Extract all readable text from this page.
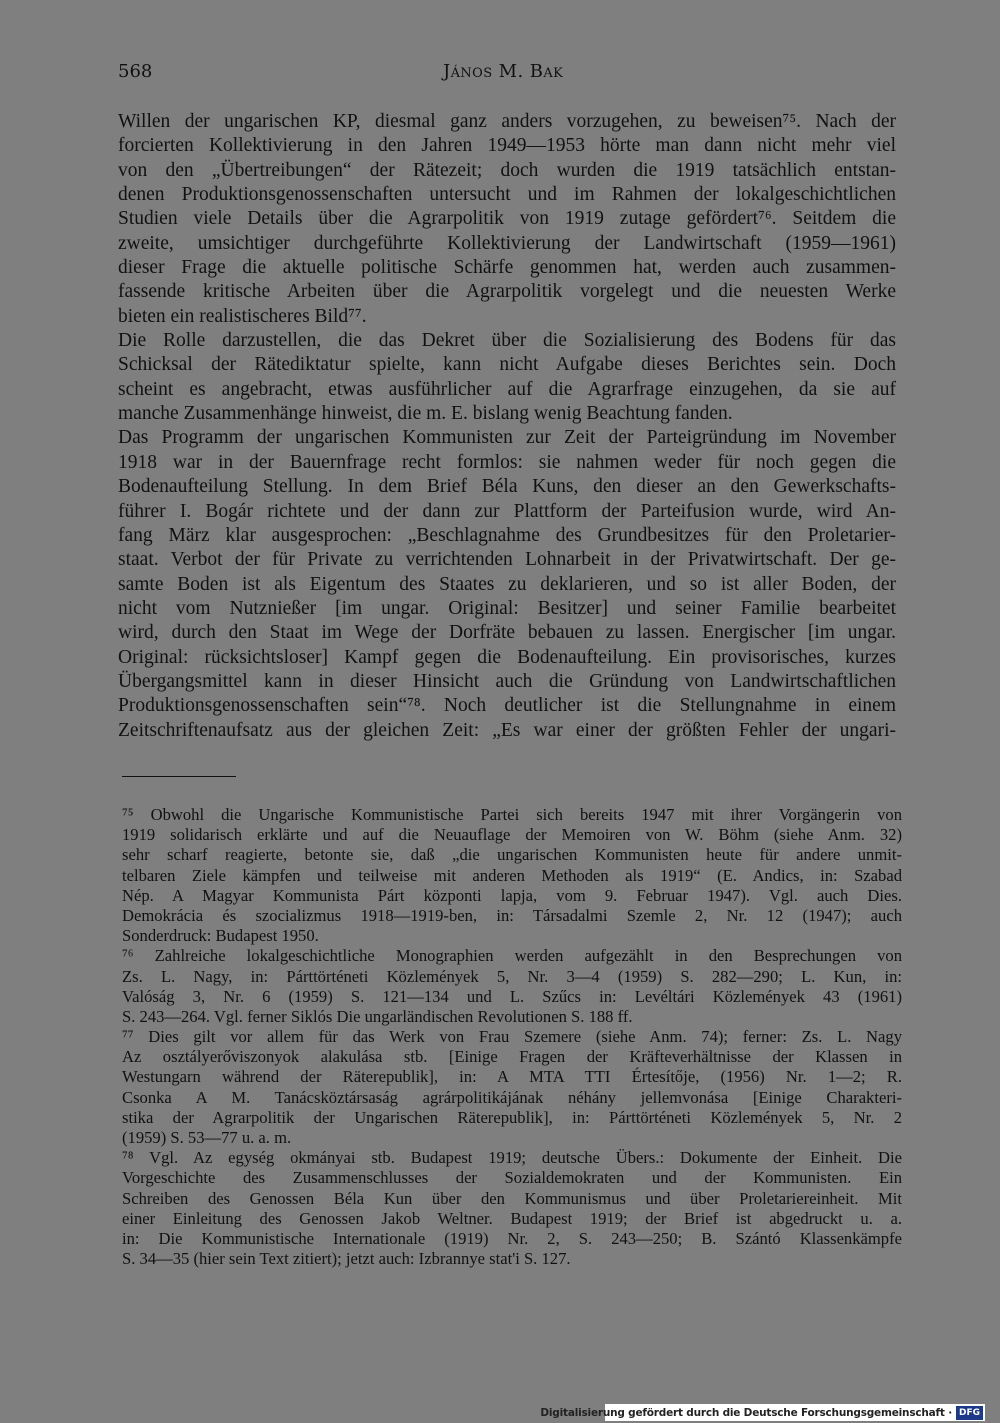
568	János M. Bak
Willen der ungarischen KP, diesmal ganz anders vorzugehen, zu beweisen⁷⁵. Nach der
forcierten Kollektivierung in den Jahren 1949—1953 hörte man dann nicht mehr viel
von den „Übertreibungen“ der Rätezeit; doch wurden die 1919 tatsächlich entstan-
denen Produktionsgenossenschaften untersucht und im Rahmen der lokalgeschichtlichen
Studien viele Details über die Agrarpolitik von 1919 zutage gefördert⁷⁶. Seitdem die
zweite, umsichtiger durchgeführte Kollektivierung der Landwirtschaft (1959—1961)
dieser Frage die aktuelle politische Schärfe genommen hat, werden auch zusammen-
fassende kritische Arbeiten über die Agrarpolitik vorgelegt und die neuesten Werke
bieten ein realistischeres Bild⁷⁷.
Die Rolle darzustellen, die das Dekret über die Sozialisierung des Bodens für das
Schicksal der Rätediktatur spielte, kann nicht Aufgabe dieses Berichtes sein. Doch
scheint es angebracht, etwas ausführlicher auf die Agrarfrage einzugehen, da sie auf
manche Zusammenhänge hinweist, die m. E. bislang wenig Beachtung fanden.
Das Programm der ungarischen Kommunisten zur Zeit der Parteigründung im November
1918 war in der Bauernfrage recht formlos: sie nahmen weder für noch gegen die
Bodenaufteilung Stellung. In dem Brief Béla Kuns, den dieser an den Gewerkschafts-
führer I. Bogár richtete und der dann zur Plattform der Parteifusion wurde, wird An-
fang März klar ausgesprochen: „Beschlagnahme des Grundbesitzes für den Proletarier-
staat. Verbot der für Private zu verrichtenden Lohnarbeit in der Privatwirtschaft. Der ge-
samte Boden ist als Eigentum des Staates zu deklarieren, und so ist aller Boden, der
nicht vom Nutznießer [im ungar. Original: Besitzer] und seiner Familie bearbeitet
wird, durch den Staat im Wege der Dorfräte bebauen zu lassen. Energischer [im ungar.
Original: rücksichtsloser] Kampf gegen die Bodenaufteilung. Ein provisorisches, kurzes
Übergangsmittel kann in dieser Hinsicht auch die Gründung von Landwirtschaftlichen
Produktionsgenossenschaften sein“⁷⁸. Noch deutlicher ist die Stellungnahme in einem
Zeitschriftenaufsatz aus der gleichen Zeit: „Es war einer der größten Fehler der ungari-
⁷⁵ Obwohl die Ungarische Kommunistische Partei sich bereits 1947 mit ihrer Vorgängerin von
1919 solidarisch erklärte und auf die Neuauflage der Memoiren von W. Böhm (siehe Anm. 32)
sehr scharf reagierte, betonte sie, daß „die ungarischen Kommunisten heute für andere unmit-
telbaren Ziele kämpfen und teilweise mit anderen Methoden als 1919“ (E. Andics, in: Szabad
Nép. A Magyar Kommunista Párt központi lapja, vom 9. Februar 1947). Vgl. auch Dies.
Demokrácia és szocializmus 1918—1919-ben, in: Társadalmi Szemle 2, Nr. 12 (1947); auch
Sonderdruck: Budapest 1950.
⁷⁶ Zahlreiche lokalgeschichtliche Monographien werden aufgezählt in den Besprechungen von
Zs. L. Nagy, in: Párttörténeti Közlemények 5, Nr. 3—4 (1959) S. 282—290; L. Kun, in:
Valóság 3, Nr. 6 (1959) S. 121—134 und L. Szűcs in: Levéltári Közlemények 43 (1961)
S. 243—264. Vgl. ferner Siklós Die ungarländischen Revolutionen S. 188 ff.
⁷⁷ Dies gilt vor allem für das Werk von Frau Szemere (siehe Anm. 74); ferner: Zs. L. Nagy
Az osztályerőviszonyok alakulása stb. [Einige Fragen der Kräfteverhältnisse der Klassen in
Westungarn während der Räterepublik], in: A MTA TTI Értesítője, (1956) Nr. 1—2; R.
Csonka A M. Tanácsköztársaság agrárpolitikájának néhány jellemvonása [Einige Charakteri-
stika der Agrarpolitik der Ungarischen Räterepublik], in: Párttörténeti Közlemények 5, Nr. 2
(1959) S. 53—77 u. a. m.
⁷⁸ Vgl. Az egység okmányai stb. Budapest 1919; deutsche Übers.: Dokumente der Einheit. Die
Vorgeschichte des Zusammenschlusses der Sozialdemokraten und der Kommunisten. Ein
Schreiben des Genossen Béla Kun über den Kommunismus und über Proletariereinheit. Mit
einer Einleitung des Genossen Jakob Weltner. Budapest 1919; der Brief ist abgedruckt u. a.
in: Die Kommunistische Internationale (1919) Nr. 2, S. 243—250; B. Szántó Klassenkämpfe
S. 34—35 (hier sein Text zitiert); jetzt auch: Izbrannye stat'i S. 127.
Digitalisierung gefördert durch die Deutsche Forschungsgemeinschaft · DFG
